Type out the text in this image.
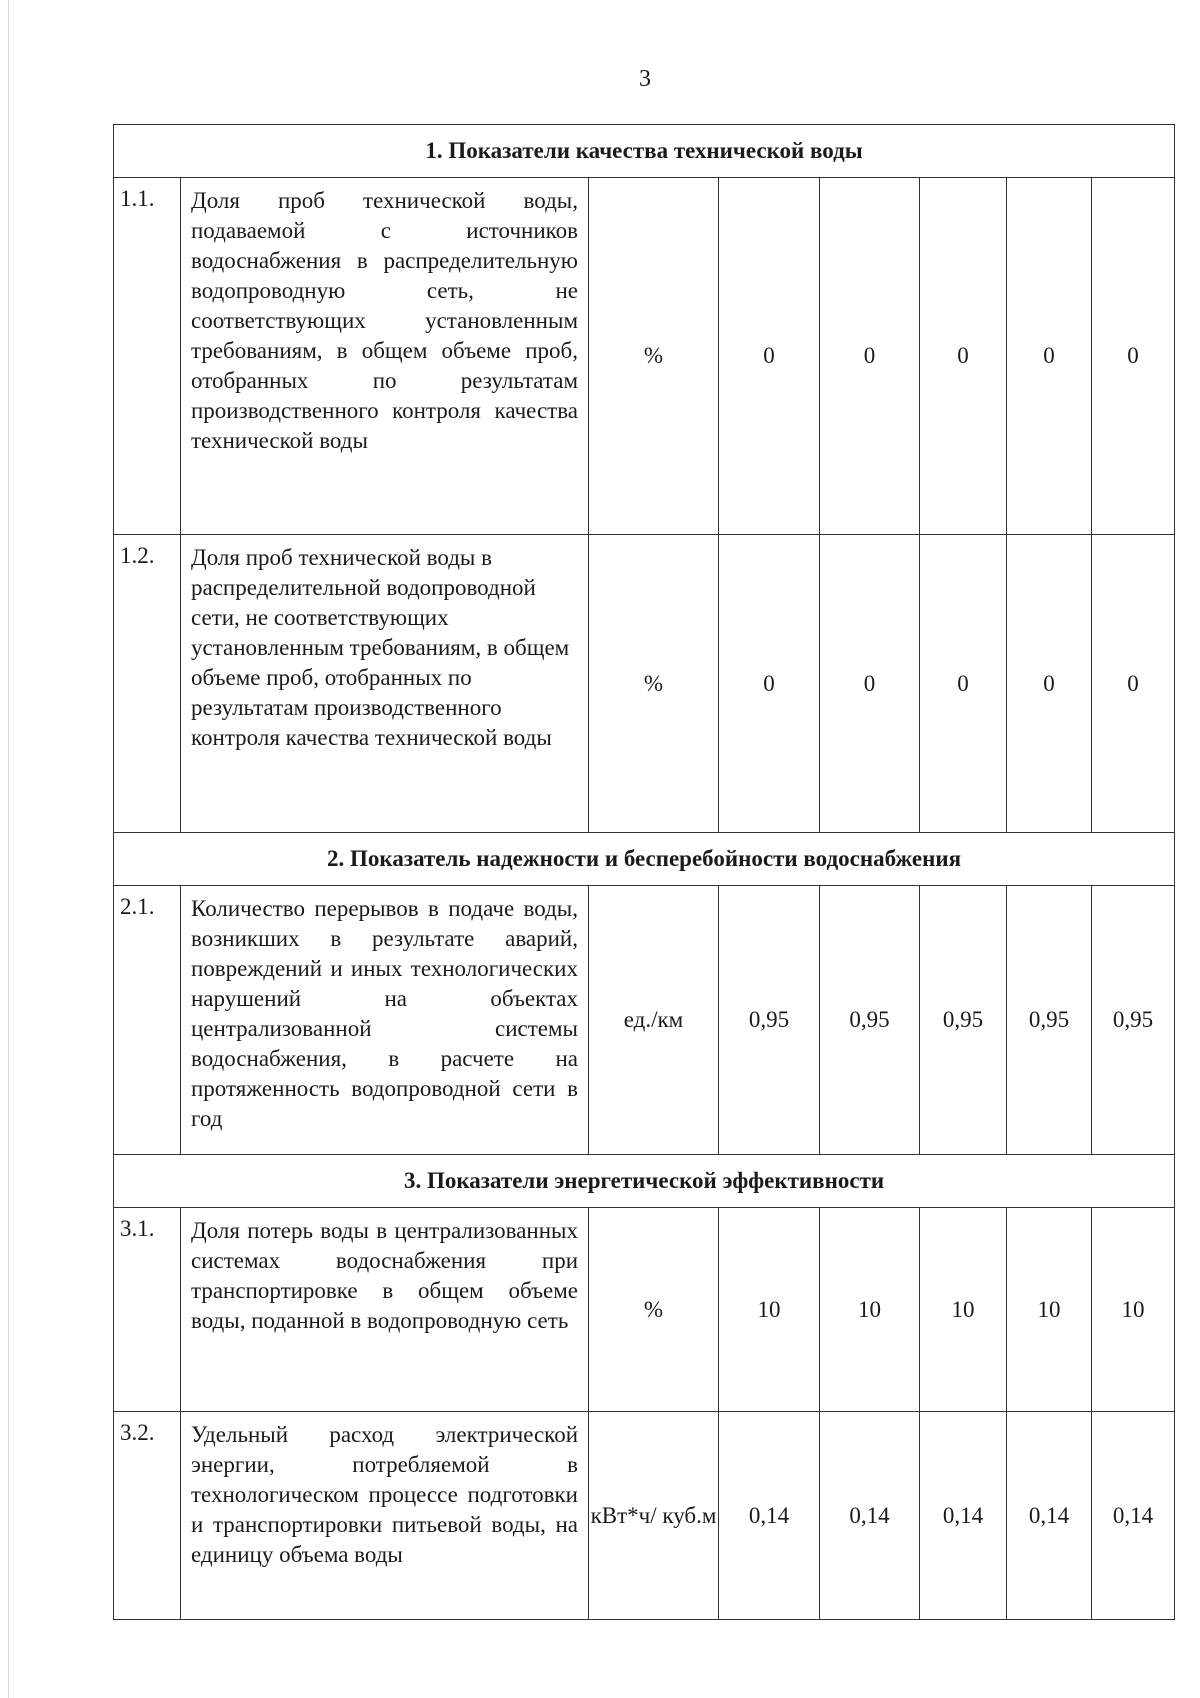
3
1. Показатели качества технической воды							
1.1.	Доля проб технической воды, подаваемой с источников водоснабжения в распределительную водопроводную сеть, не соответствующих установленным требованиям, в общем объеме проб, отобранных по результатам производственного контроля качества технической воды	%	0	0	0	0	0
1.2.	Доля проб технической воды в распределительной водопроводной сети, не соответствующих установленным требованиям, в общем объеме проб, отобранных по результатам производственного контроля качества технической воды	%	0	0	0	0	0
2. Показатель надежности и бесперебойности водоснабжения							
2.1.	Количество перерывов в подаче воды, возникших в результате аварий, повреждений и иных технологических нарушений на объектах централизованной системы водоснабжения, в расчете на протяженность водопроводной сети в год	ед./км	0,95	0,95	0,95	0,95	0,95
3. Показатели энергетической эффективности							
3.1.	Доля потерь воды в централизованных системах водоснабжения при транспортировке в общем объеме воды, поданной в водопроводную сеть	%	10	10	10	10	10
3.2.	Удельный расход электрической энергии, потребляемой в технологическом процессе подготовки и транспортировки питьевой воды, на единицу объема воды	кВт*ч/ куб.м	0,14	0,14	0,14	0,14	0,14
